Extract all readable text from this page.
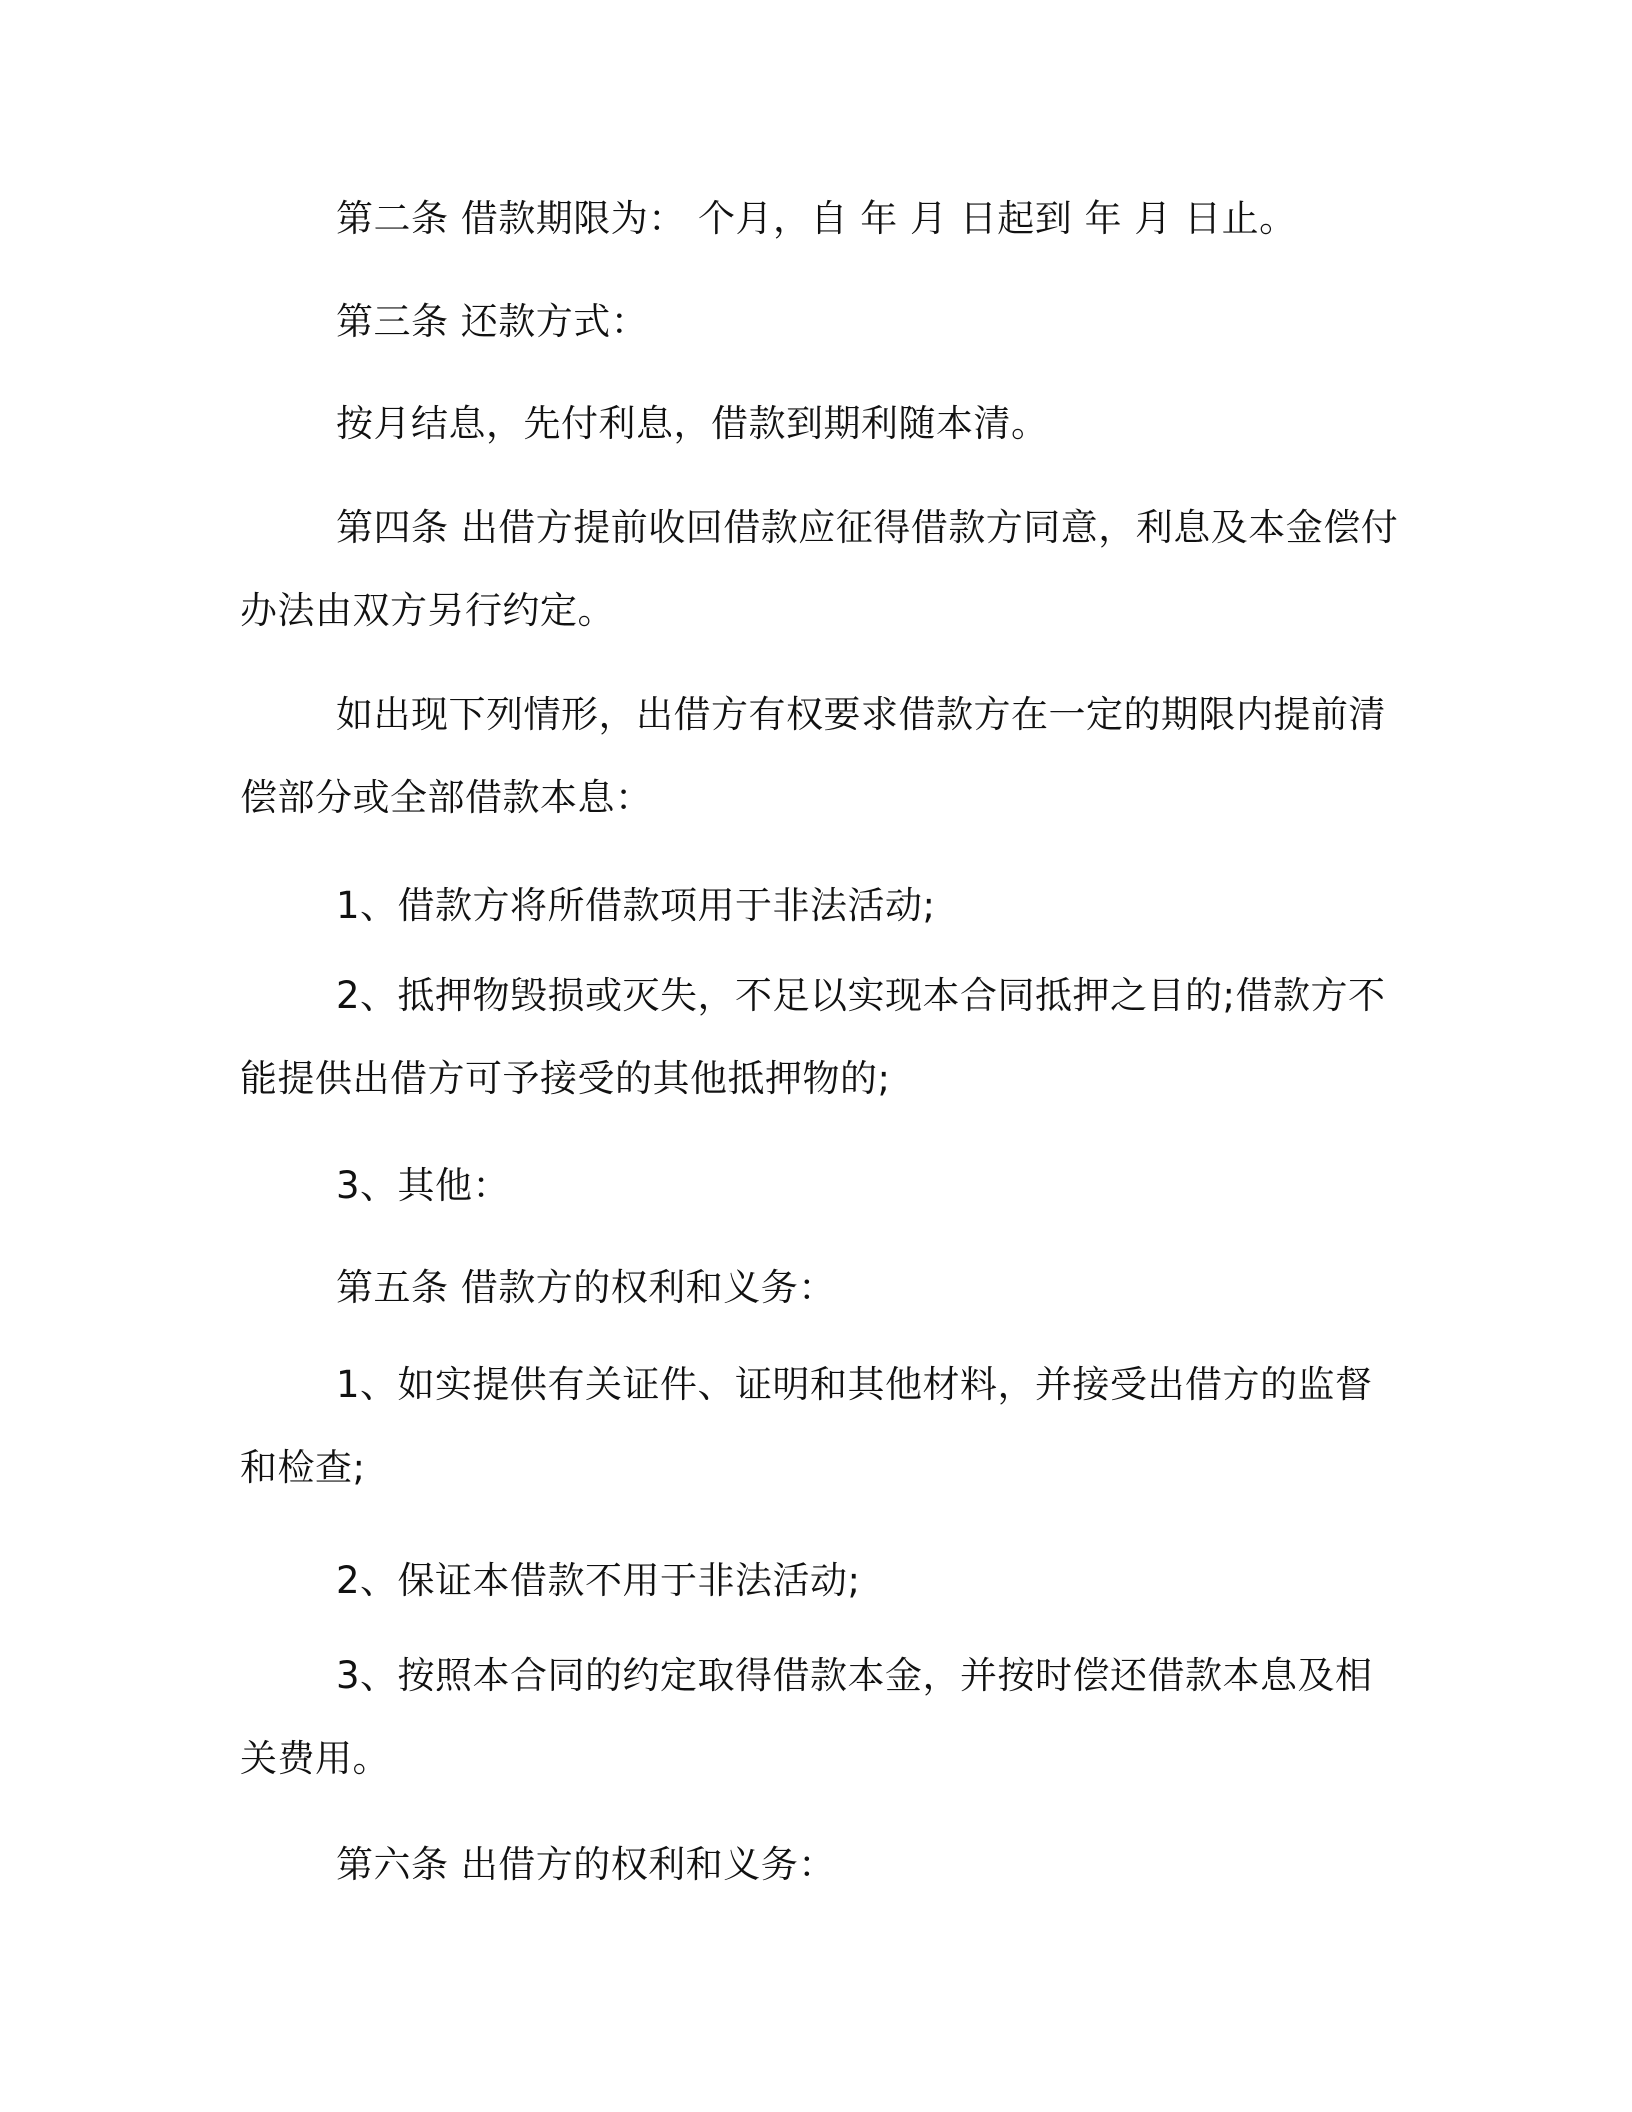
第二条 借款期限为： 个月，自 年 月 日起到 年 月 日止。

第三条 还款方式：

按月结息，先付利息，借款到期利随本清。

第四条 出借方提前收回借款应征得借款方同意，利息及本金偿付
办法由双方另行约定。

如出现下列情形，出借方有权要求借款方在一定的期限内提前清
偿部分或全部借款本息：

1、借款方将所借款项用于非法活动;

2、抵押物毁损或灭失，不足以实现本合同抵押之目的;借款方不
能提供出借方可予接受的其他抵押物的;

3、其他：

第五条 借款方的权利和义务：

1、如实提供有关证件、证明和其他材料，并接受出借方的监督
和检查;

2、保证本借款不用于非法活动;

3、按照本合同的约定取得借款本金，并按时偿还借款本息及相
关费用。

第六条 出借方的权利和义务：
